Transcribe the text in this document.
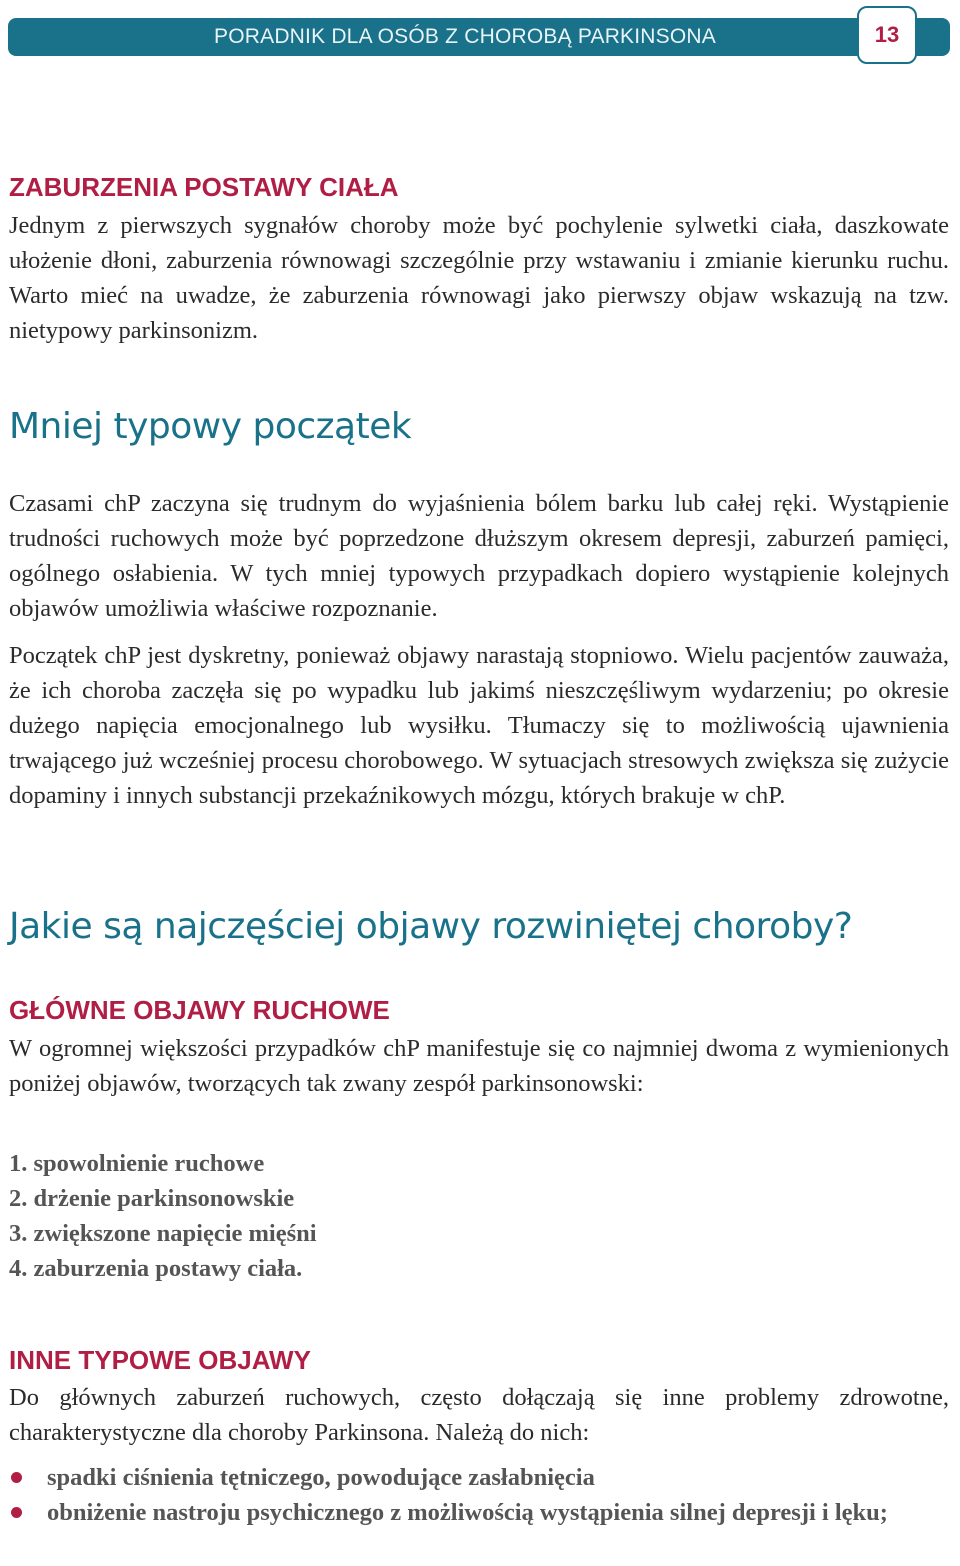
PORADNIK DLA OSÓB Z CHOROBĄ PARKINSONA	13
ZABURZENIA POSTAWY CIAŁA

Jednym z pierwszych sygnałów choroby może być pochylenie sylwetki ciała, daszkowate ułożenie dłoni, zaburzenia równowagi szczególnie przy wstawaniu i zmianie kierunku ruchu. Warto mieć na uwadze, że zaburzenia równowagi jako pierwszy objaw wskazują na tzw. nietypowy parkinsonizm.

Mniej typowy początek

Czasami chP zaczyna się trudnym do wyjaśnienia bólem barku lub całej ręki. Wystąpienie trudności ruchowych może być poprzedzone dłuższym okresem depresji, zaburzeń pamięci, ogólnego osłabienia. W tych mniej typowych przypadkach dopiero wystąpienie kolejnych objawów umożliwia właściwe rozpoznanie.

Początek chP jest dyskretny, ponieważ objawy narastają stopniowo. Wielu pacjentów zauważa, że ich choroba zaczęła się po wypadku lub jakimś nieszczęśliwym wydarzeniu; po okresie dużego napięcia emocjonalnego lub wysiłku. Tłumaczy się to możliwością ujawnienia trwającego już wcześniej procesu chorobowego. W sytuacjach stresowych zwiększa się zużycie dopaminy i innych substancji przekaźnikowych mózgu, których brakuje w chP.

Jakie są najczęściej objawy rozwiniętej choroby?
GŁÓWNE OBJAWY RUCHOWE

W ogromnej większości przypadków chP manifestuje się co najmniej dwoma z wymienionych poniżej objawów, tworzących tak zwany zespół parkinsonowski:

1. spowolnienie ruchowe
2. drżenie parkinsonowskie
3. zwiększone napięcie mięśni
4. zaburzenia postawy ciała.
INNE TYPOWE OBJAWY

Do głównych zaburzeń ruchowych, często dołączają się inne problemy zdrowotne, charakterystyczne dla choroby Parkinsona. Należą do nich:

spadki ciśnienia tętniczego, powodujące zasłabnięcia
obniżenie nastroju psychicznego z możliwością wystąpienia silnej depresji i lęku;
